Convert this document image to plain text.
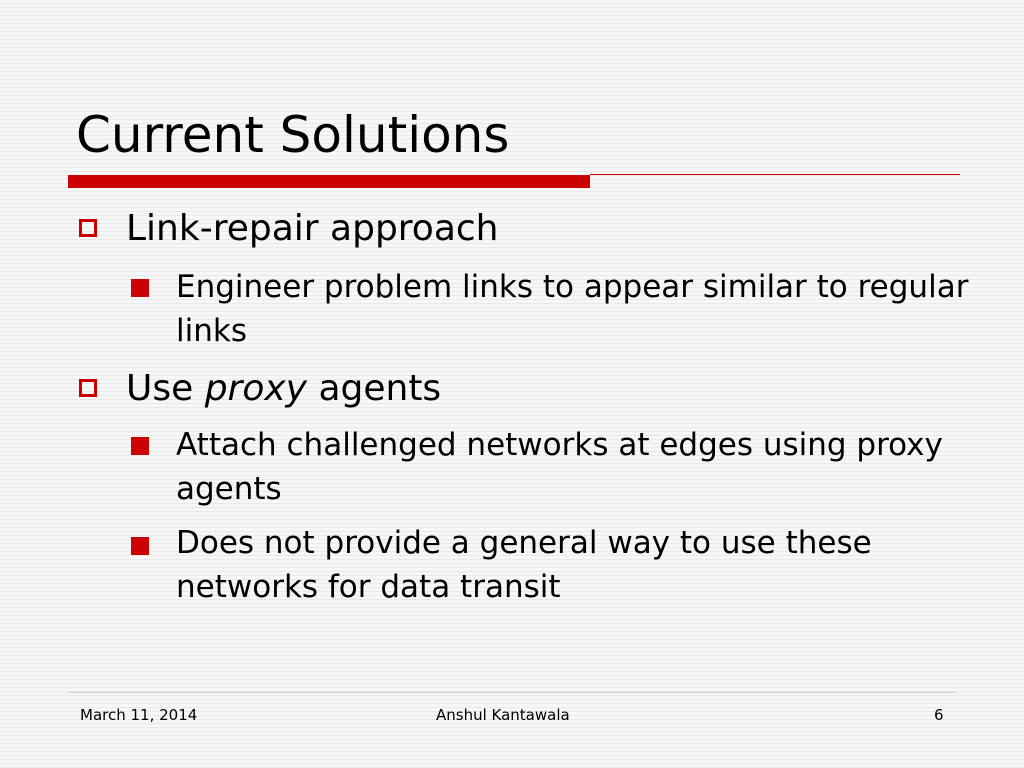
Current Solutions
Link-repair approach
Engineer problem links to appear similar to regular links
Use proxy agents
Attach challenged networks at edges using proxy agents
Does not provide a general way to use these networks for data transit
March 11, 2014	Anshul Kantawala	6
